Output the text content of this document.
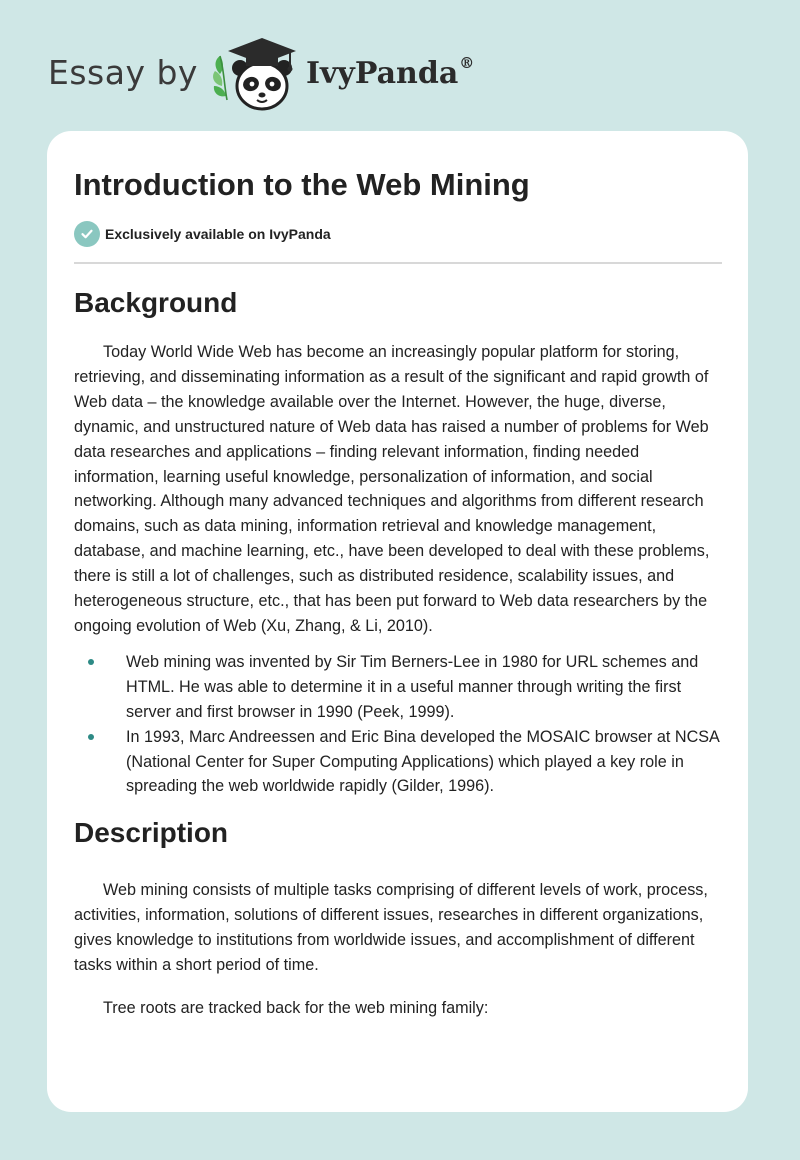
Essay by	IvyPanda®
Introduction to the Web Mining
Exclusively available on IvyPanda
Background

Today World Wide Web has become an increasingly popular platform for storing, retrieving, and disseminating information as a result of the significant and rapid growth of Web data – the knowledge available over the Internet. However, the huge, diverse, dynamic, and unstructured nature of Web data has raised a number of problems for Web data researches and applications – finding relevant information, finding needed information, learning useful knowledge, personalization of information, and social networking. Although many advanced techniques and algorithms from different research domains, such as data mining, information retrieval and knowledge management, database, and machine learning, etc., have been developed to deal with these problems, there is still a lot of challenges, such as distributed residence, scalability issues, and heterogeneous structure, etc., that has been put forward to Web data researchers by the ongoing evolution of Web (Xu, Zhang, & Li, 2010).

Web mining was invented by Sir Tim Berners-Lee in 1980 for URL schemes and HTML. He was able to determine it in a useful manner through writing the first server and first browser in 1990 (Peek, 1999).
In 1993, Marc Andreessen and Eric Bina developed the MOSAIC browser at NCSA (National Center for Super Computing Applications) which played a key role in spreading the web worldwide rapidly (Gilder, 1996).
Description

Web mining consists of multiple tasks comprising of different levels of work, process, activities, information, solutions of different issues, researches in different organizations, gives knowledge to institutions from worldwide issues, and accomplishment of different tasks within a short period of time.

Tree roots are tracked back for the web mining family:
